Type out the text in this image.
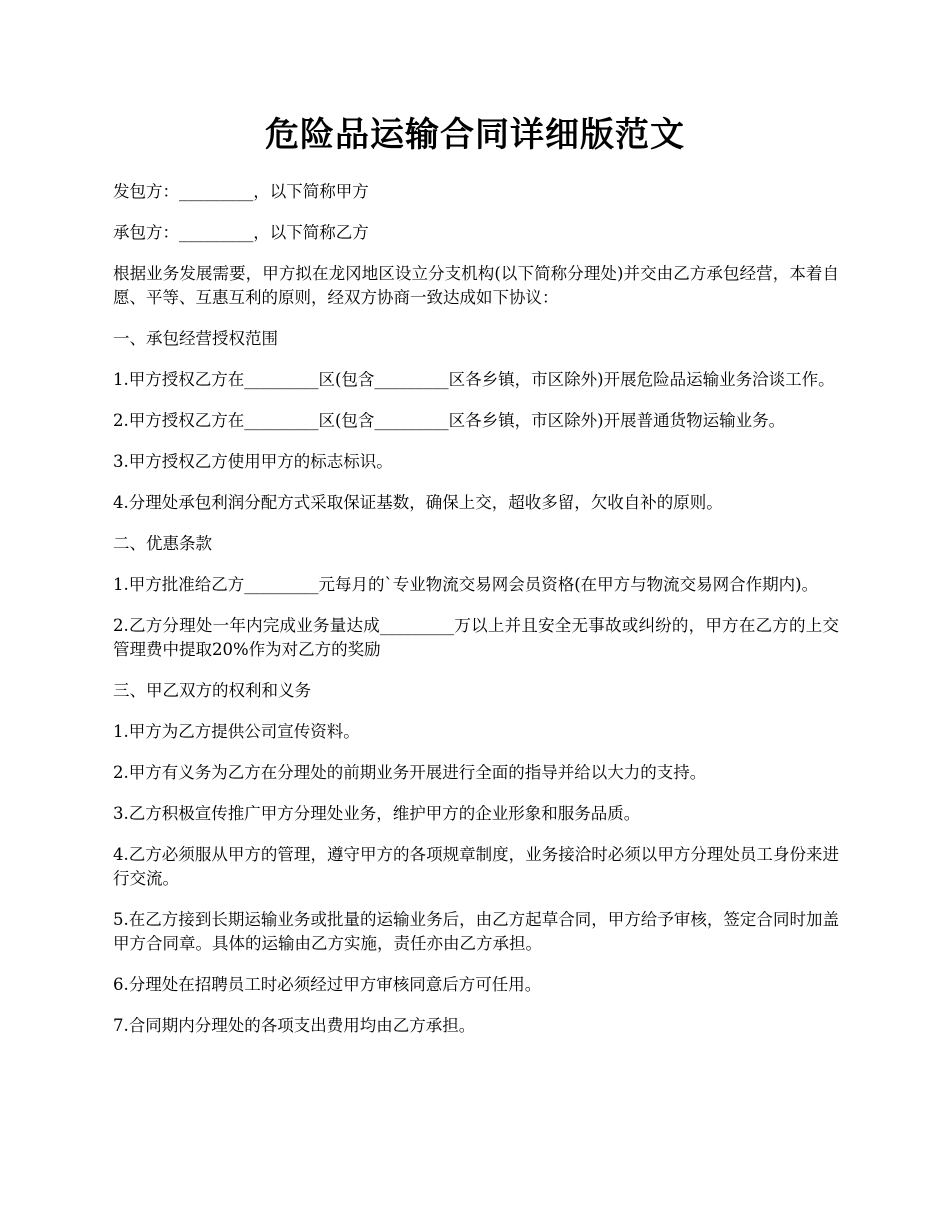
危险品运输合同详细版范文

发包方：_________，以下简称甲方

承包方：_________，以下简称乙方

根据业务发展需要，甲方拟在龙冈地区设立分支机构(以下简称分理处)并交由乙方承包经营，本着自愿、平等、互惠互利的原则，经双方协商一致达成如下协议：

一、承包经营授权范围

1.甲方授权乙方在_________区(包含_________区各乡镇，市区除外)开展危险品运输业务洽谈工作。

2.甲方授权乙方在_________区(包含_________区各乡镇，市区除外)开展普通货物运输业务。

3.甲方授权乙方使用甲方的标志标识。

4.分理处承包利润分配方式采取保证基数，确保上交，超收多留，欠收自补的原则。

二、优惠条款

1.甲方批准给乙方_________元每月的`专业物流交易网会员资格(在甲方与物流交易网合作期内)。

2.乙方分理处一年内完成业务量达成_________万以上并且安全无事故或纠纷的，甲方在乙方的上交管理费中提取20%作为对乙方的奖励

三、甲乙双方的权利和义务

1.甲方为乙方提供公司宣传资料。

2.甲方有义务为乙方在分理处的前期业务开展进行全面的指导并给以大力的支持。

3.乙方积极宣传推广甲方分理处业务，维护甲方的企业形象和服务品质。

4.乙方必须服从甲方的管理，遵守甲方的各项规章制度，业务接洽时必须以甲方分理处员工身份来进行交流。

5.在乙方接到长期运输业务或批量的运输业务后，由乙方起草合同，甲方给予审核，签定合同时加盖甲方合同章。具体的运输由乙方实施，责任亦由乙方承担。

6.分理处在招聘员工时必须经过甲方审核同意后方可任用。

7.合同期内分理处的各项支出费用均由乙方承担。
